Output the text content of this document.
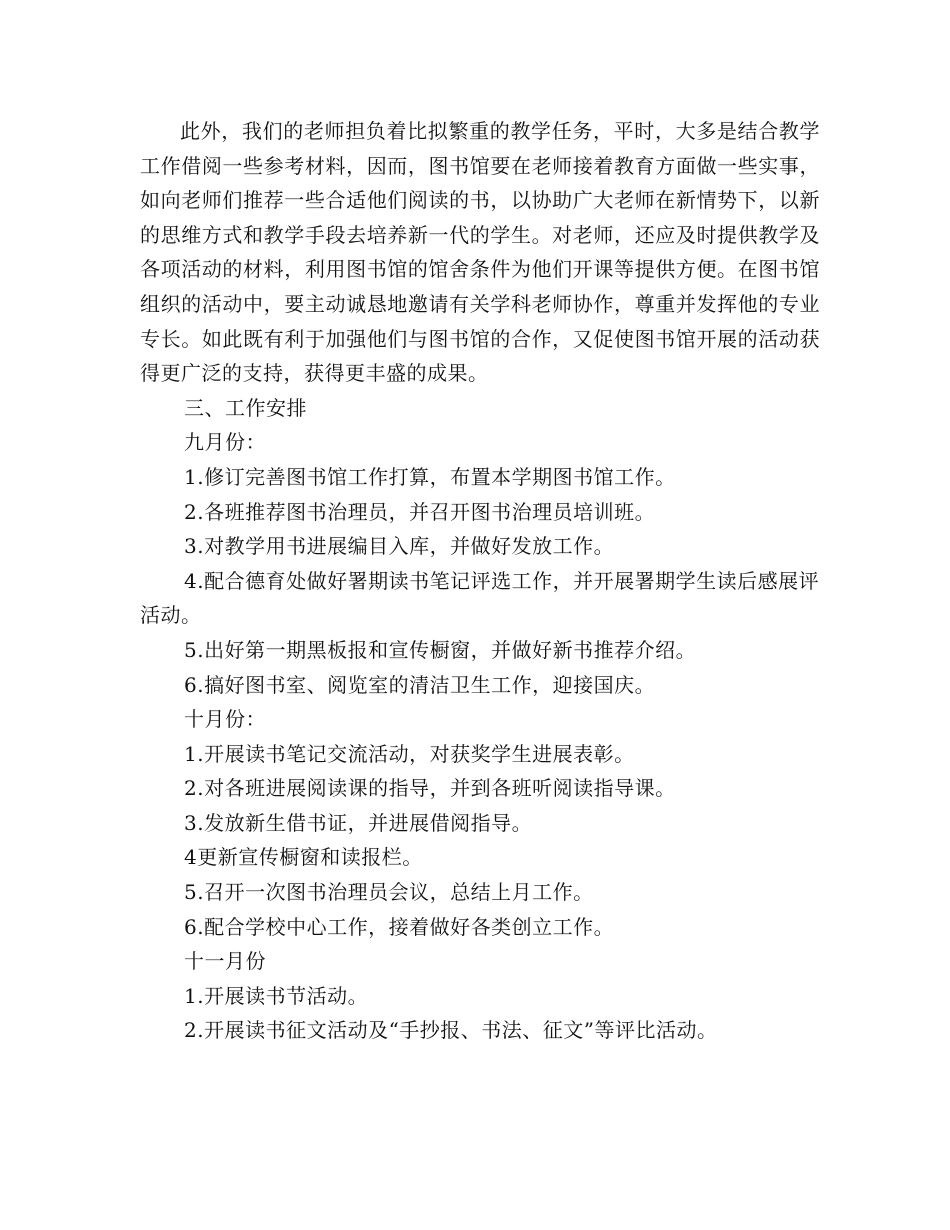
此外，我们的老师担负着比拟繁重的教学任务，平时，大多是结合教学工作借阅一些参考材料，因而，图书馆要在老师接着教育方面做一些实事，如向老师们推荐一些合适他们阅读的书，以协助广大老师在新情势下，以新的思维方式和教学手段去培养新一代的学生。对老师，还应及时提供教学及各项活动的材料，利用图书馆的馆舍条件为他们开课等提供方便。在图书馆组织的活动中，要主动诚恳地邀请有关学科老师协作，尊重并发挥他的专业专长。如此既有利于加强他们与图书馆的合作，又促使图书馆开展的活动获得更广泛的支持，获得更丰盛的成果。

三、工作安排

九月份：

1.修订完善图书馆工作打算，布置本学期图书馆工作。

2.各班推荐图书治理员，并召开图书治理员培训班。

3.对教学用书进展编目入库，并做好发放工作。

4.配合德育处做好署期读书笔记评选工作，并开展署期学生读后感展评活动。

5.出好第一期黑板报和宣传橱窗，并做好新书推荐介绍。

6.搞好图书室、阅览室的清洁卫生工作，迎接国庆。

十月份：

1.开展读书笔记交流活动，对获奖学生进展表彰。

2.对各班进展阅读课的指导，并到各班听阅读指导课。

3.发放新生借书证，并进展借阅指导。

4更新宣传橱窗和读报栏。

5.召开一次图书治理员会议，总结上月工作。

6.配合学校中心工作，接着做好各类创立工作。

十一月份

1.开展读书节活动。

2.开展读书征文活动及“手抄报、书法、征文”等评比活动。
